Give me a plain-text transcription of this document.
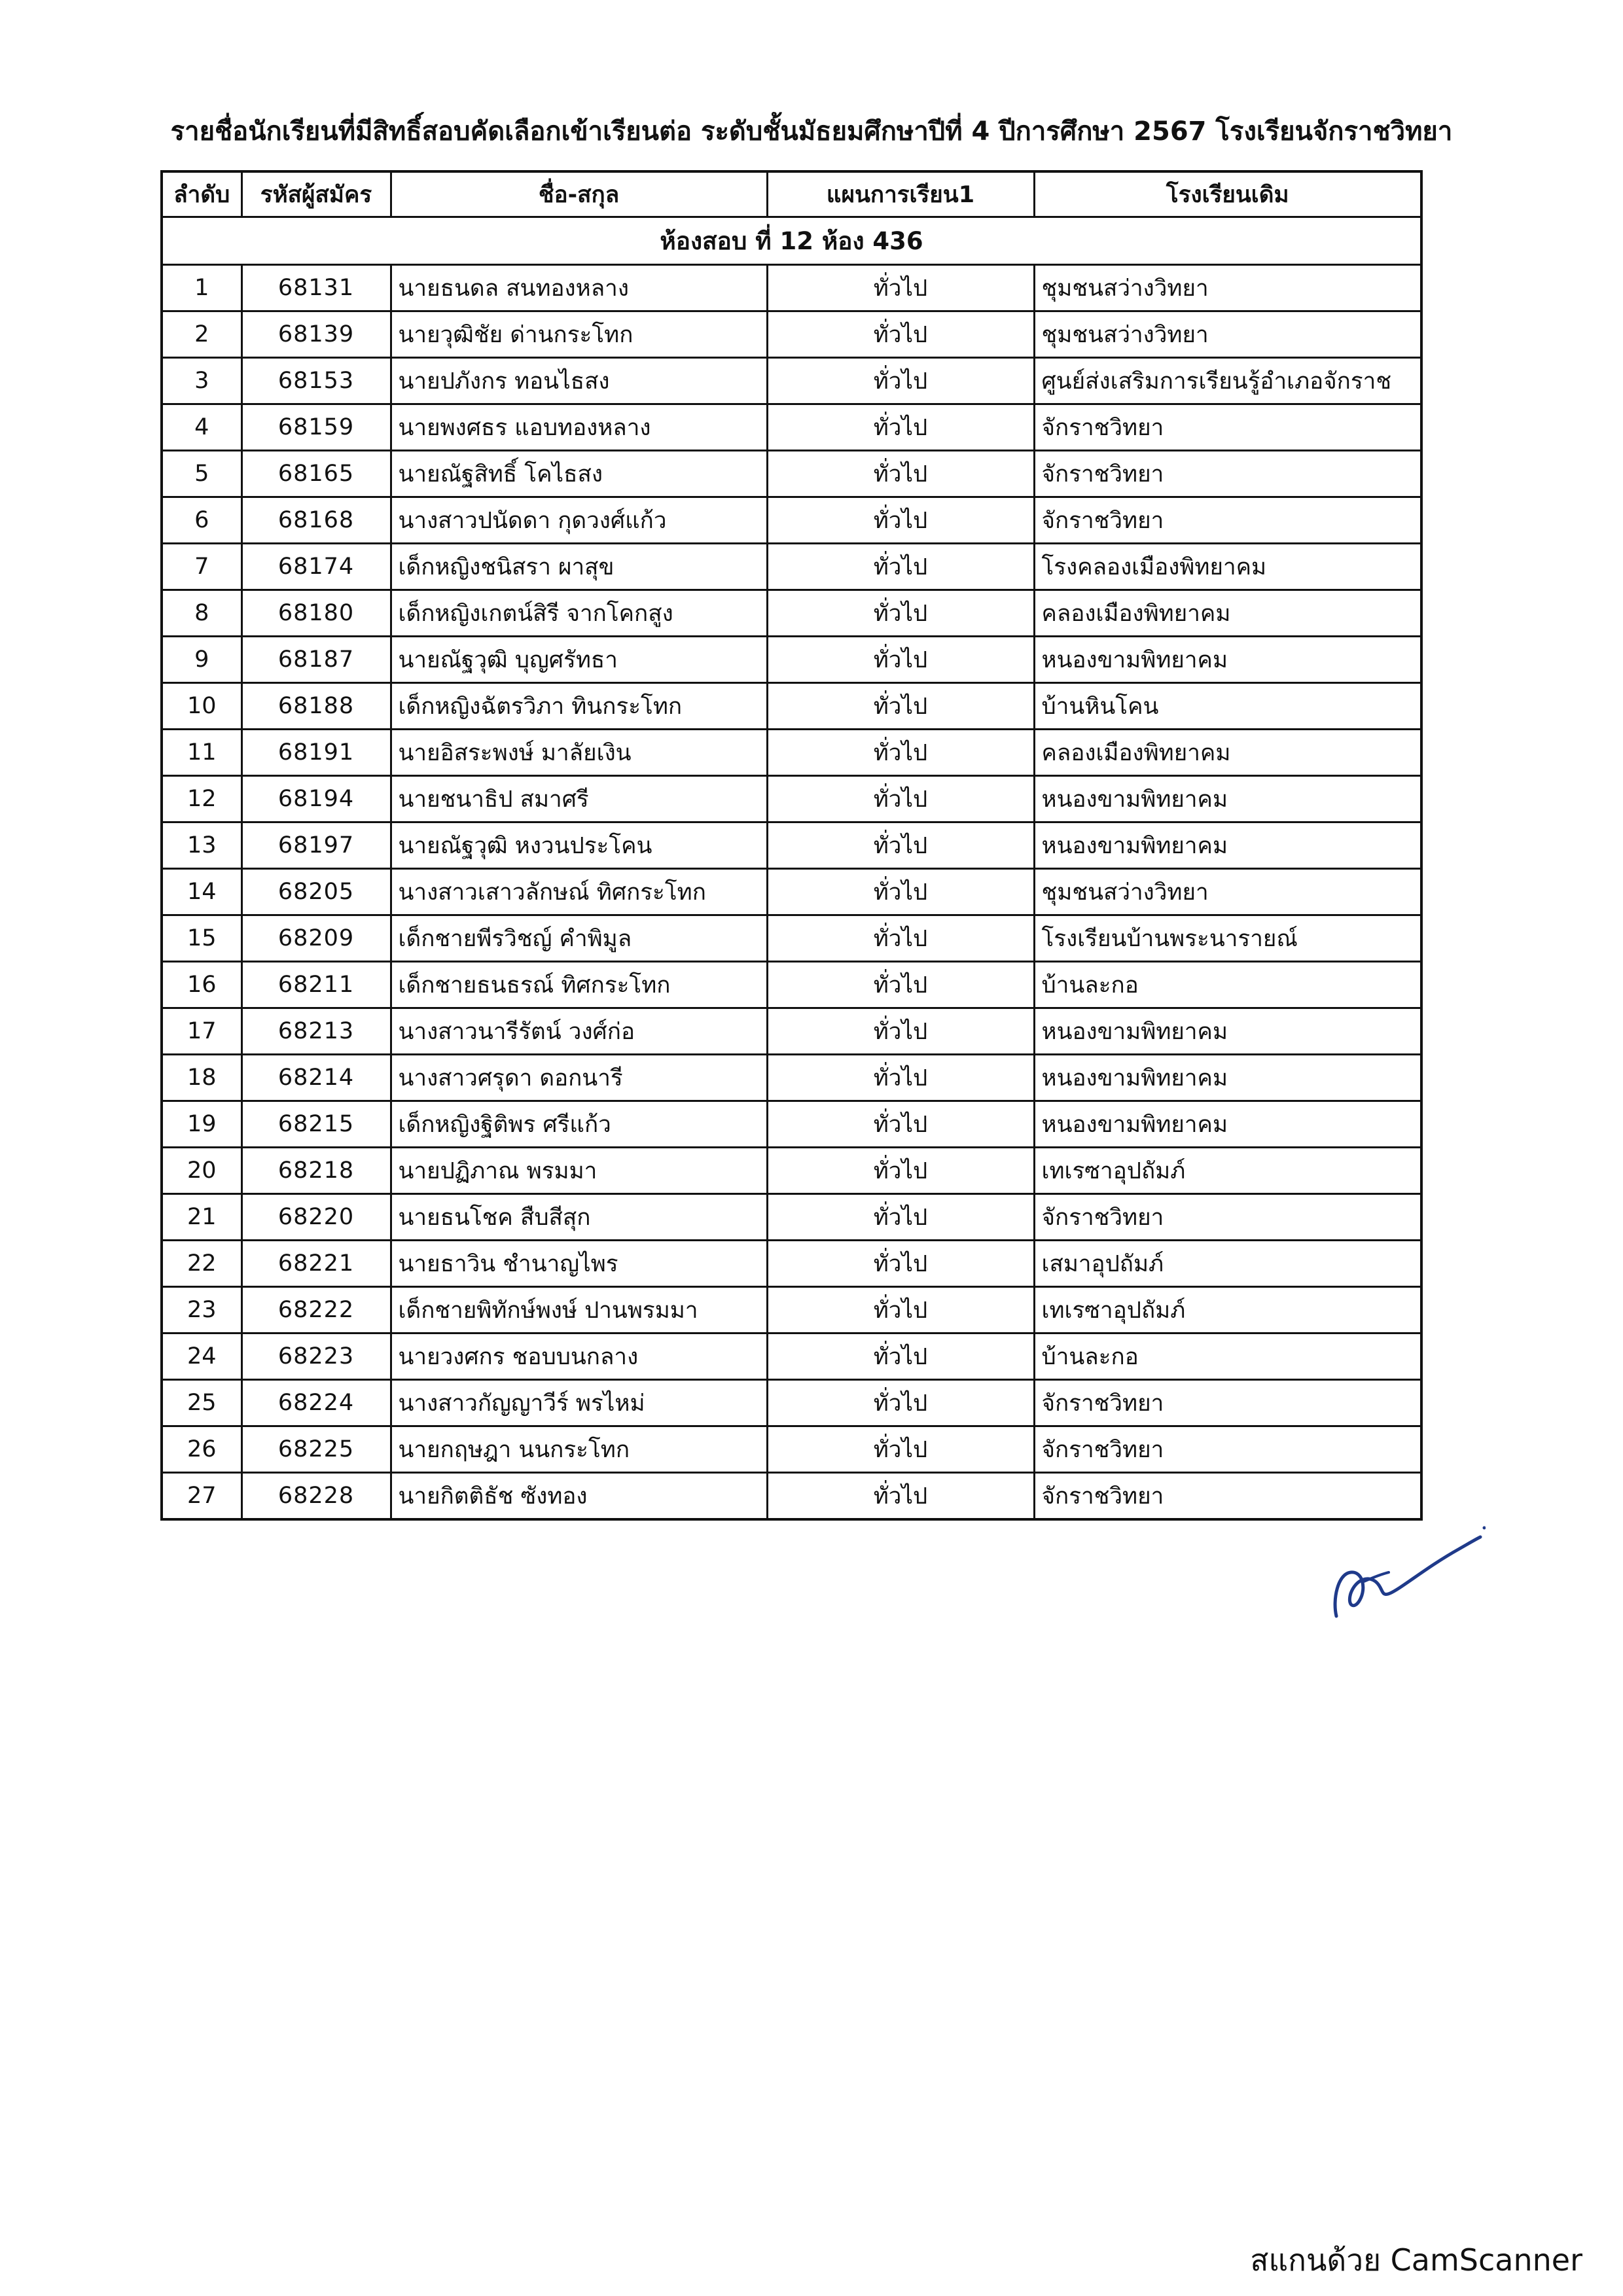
รายชื่อนักเรียนที่มีสิทธิ์สอบคัดเลือกเข้าเรียนต่อ ระดับชั้นมัธยมศึกษาปีที่ 4 ปีการศึกษา 2567 โรงเรียนจักราชวิทยา
ลำดับ	รหัสผู้สมัคร	ชื่อ-สกุล	แผนการเรียน1	โรงเรียนเดิม
ห้องสอบ ที่ 12 ห้อง 436				
1	68131	นายธนดล สนทองหลาง	ทั่วไป	ชุมชนสว่างวิทยา
2	68139	นายวุฒิชัย ด่านกระโทก	ทั่วไป	ชุมชนสว่างวิทยา
3	68153	นายปภังกร ทอนไธสง	ทั่วไป	ศูนย์ส่งเสริมการเรียนรู้อำเภอจักราช
4	68159	นายพงศธร แอบทองหลาง	ทั่วไป	จักราชวิทยา
5	68165	นายณัฐสิทธิ์ โคไธสง	ทั่วไป	จักราชวิทยา
6	68168	นางสาวปนัดดา กุดวงศ์แก้ว	ทั่วไป	จักราชวิทยา
7	68174	เด็กหญิงชนิสรา ผาสุข	ทั่วไป	โรงคลองเมืองพิทยาคม
8	68180	เด็กหญิงเกตน์สิรี จากโคกสูง	ทั่วไป	คลองเมืองพิทยาคม
9	68187	นายณัฐวุฒิ บุญศรัทธา	ทั่วไป	หนองขามพิทยาคม
10	68188	เด็กหญิงฉัตรวิภา ทินกระโทก	ทั่วไป	บ้านหินโคน
11	68191	นายอิสระพงษ์ มาลัยเงิน	ทั่วไป	คลองเมืองพิทยาคม
12	68194	นายชนาธิป สมาศรี	ทั่วไป	หนองขามพิทยาคม
13	68197	นายณัฐวุฒิ หงวนประโคน	ทั่วไป	หนองขามพิทยาคม
14	68205	นางสาวเสาวลักษณ์ ทิศกระโทก	ทั่วไป	ชุมชนสว่างวิทยา
15	68209	เด็กชายพีรวิชญ์ คำพิมูล	ทั่วไป	โรงเรียนบ้านพระนารายณ์
16	68211	เด็กชายธนธรณ์ ทิศกระโทก	ทั่วไป	บ้านละกอ
17	68213	นางสาวนารีรัตน์ วงศ์ก่อ	ทั่วไป	หนองขามพิทยาคม
18	68214	นางสาวศรุดา ดอกนารี	ทั่วไป	หนองขามพิทยาคม
19	68215	เด็กหญิงฐิติพร ศรีแก้ว	ทั่วไป	หนองขามพิทยาคม
20	68218	นายปฏิภาณ พรมมา	ทั่วไป	เทเรซาอุปถัมภ์
21	68220	นายธนโชค สืบสีสุก	ทั่วไป	จักราชวิทยา
22	68221	นายธาวิน ชำนาญไพร	ทั่วไป	เสมาอุปถัมภ์
23	68222	เด็กชายพิทักษ์พงษ์ ปานพรมมา	ทั่วไป	เทเรซาอุปถัมภ์
24	68223	นายวงศกร ชอบบนกลาง	ทั่วไป	บ้านละกอ
25	68224	นางสาวกัญญาวีร์ พรไหม่	ทั่วไป	จักราชวิทยา
26	68225	นายกฤษฎา นนกระโทก	ทั่วไป	จักราชวิทยา
27	68228	นายกิตติธัช ซังทอง	ทั่วไป	จักราชวิทยา
สแกนด้วย CamScanner
